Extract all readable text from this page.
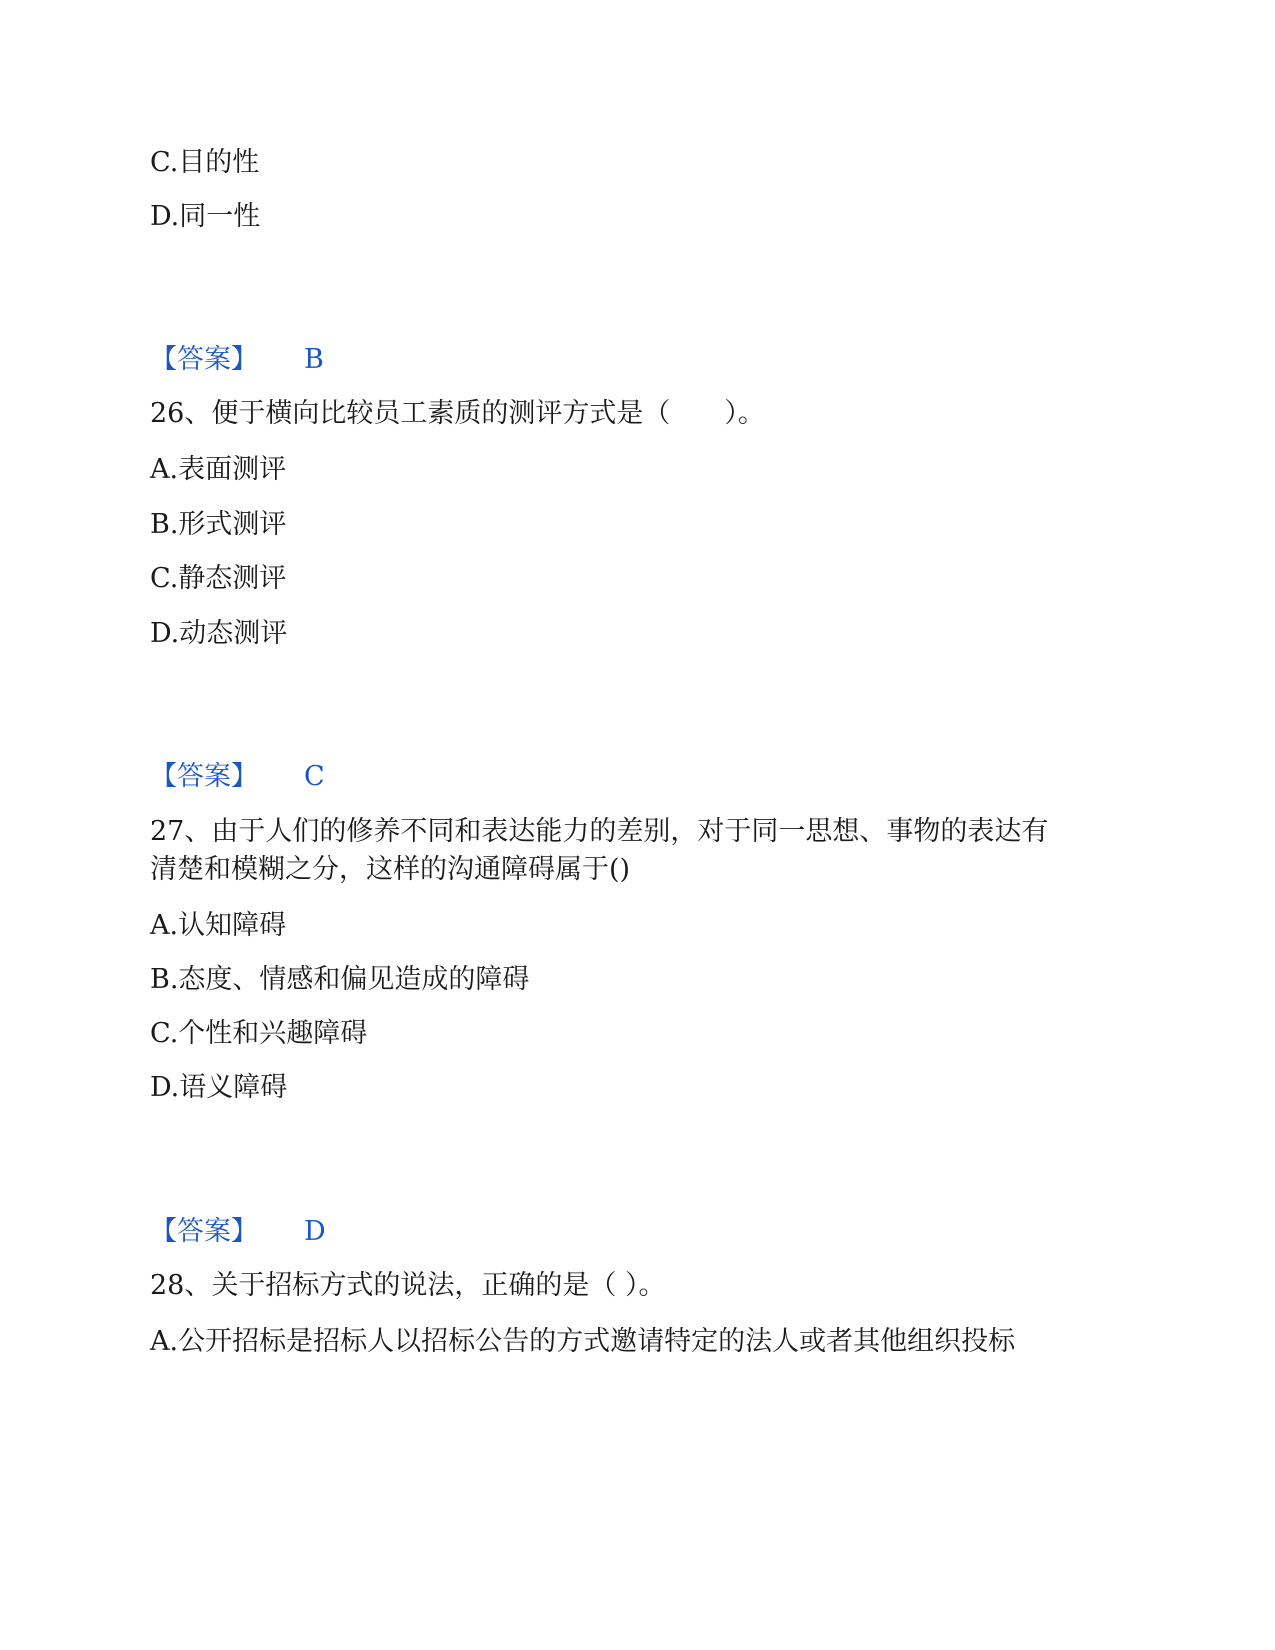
C.目的性
D.同一性
【答案】 B
26、便于横向比较员工素质的测评方式是（　　）。
A.表面测评
B.形式测评
C.静态测评
D.动态测评
【答案】 C
27、由于人们的修养不同和表达能力的差别，对于同一思想、事物的表达有
清楚和模糊之分，这样的沟通障碍属于()
A.认知障碍
B.态度、情感和偏见造成的障碍
C.个性和兴趣障碍
D.语义障碍
【答案】 D
28、关于招标方式的说法，正确的是（ ）。
A.公开招标是招标人以招标公告的方式邀请特定的法人或者其他组织投标
